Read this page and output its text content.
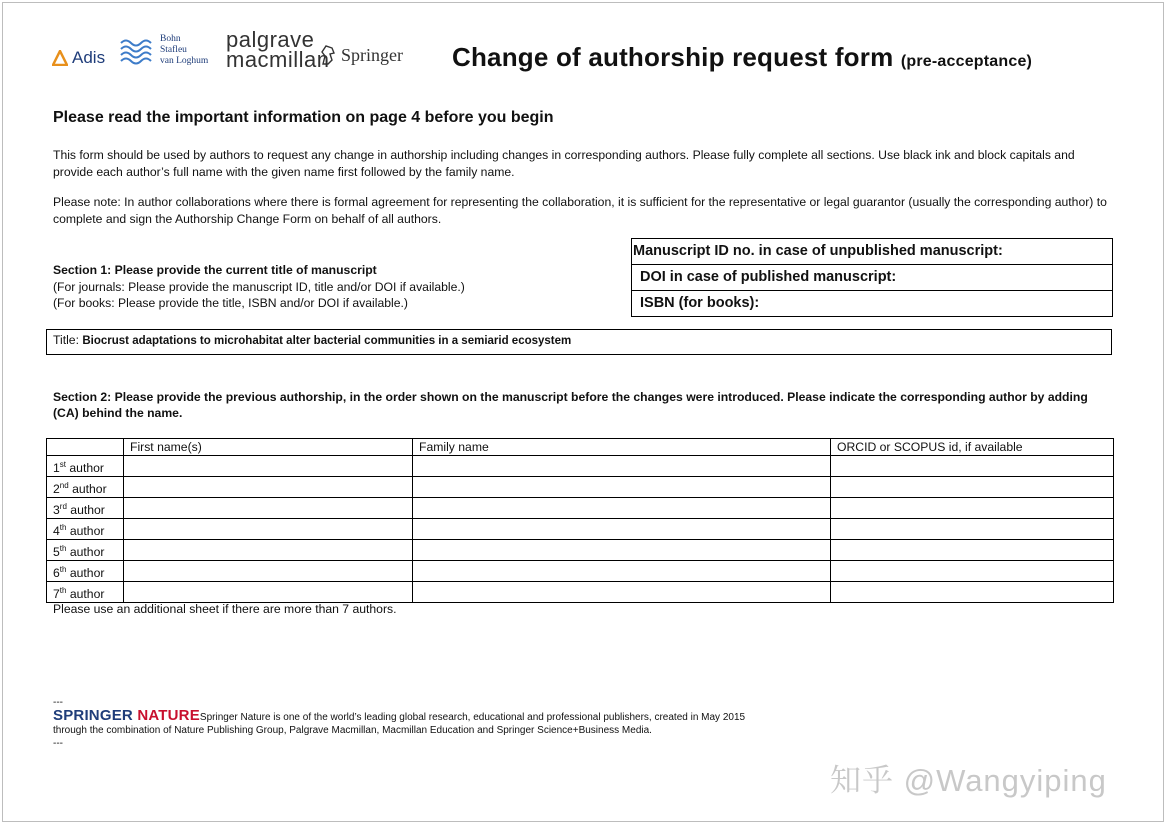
Adis
Bohn
Stafleu
van Loghum
palgrave
macmillan Springer Change of authorship request form (pre-acceptance)
Please read the important information on page 4 before you begin
This form should be used by authors to request any change in authorship including changes in corresponding authors. Please fully complete all sections. Use black ink and block capitals and provide each author’s full name with the given name first followed by the family name.
Please note: In author collaborations where there is formal agreement for representing the collaboration, it is sufficient for the representative or legal guarantor (usually the corresponding author) to complete and sign the Authorship Change Form on behalf of all authors.
Section 1: Please provide the current title of manuscript
(For journals: Please provide the manuscript ID, title and/or DOI if available.)
(For books: Please provide the title, ISBN and/or DOI if available.)
Manuscript ID no. in case of unpublished manuscript:
DOI in case of published manuscript:
ISBN (for books):
Title: Biocrust adaptations to microhabitat alter bacterial communities in a semiarid ecosystem
Section 2: Please provide the previous authorship, in the order shown on the manuscript before the changes were introduced. Please indicate the corresponding author by adding (CA) behind the name.
	First name(s)	Family name	ORCID or SCOPUS id, if available
1st author			
2nd author			
3rd author			
4th author			
5th author			
6th author			
7th author			
Please use an additional sheet if there are more than 7 authors.
---
SPRINGER NATURESpringer Nature is one of the world’s leading global research, educational and professional publishers, created in May 2015
through the combination of Nature Publishing Group, Palgrave Macmillan, Macmillan Education and Springer Science+Business Media.
---
知乎 @Wangyiping
